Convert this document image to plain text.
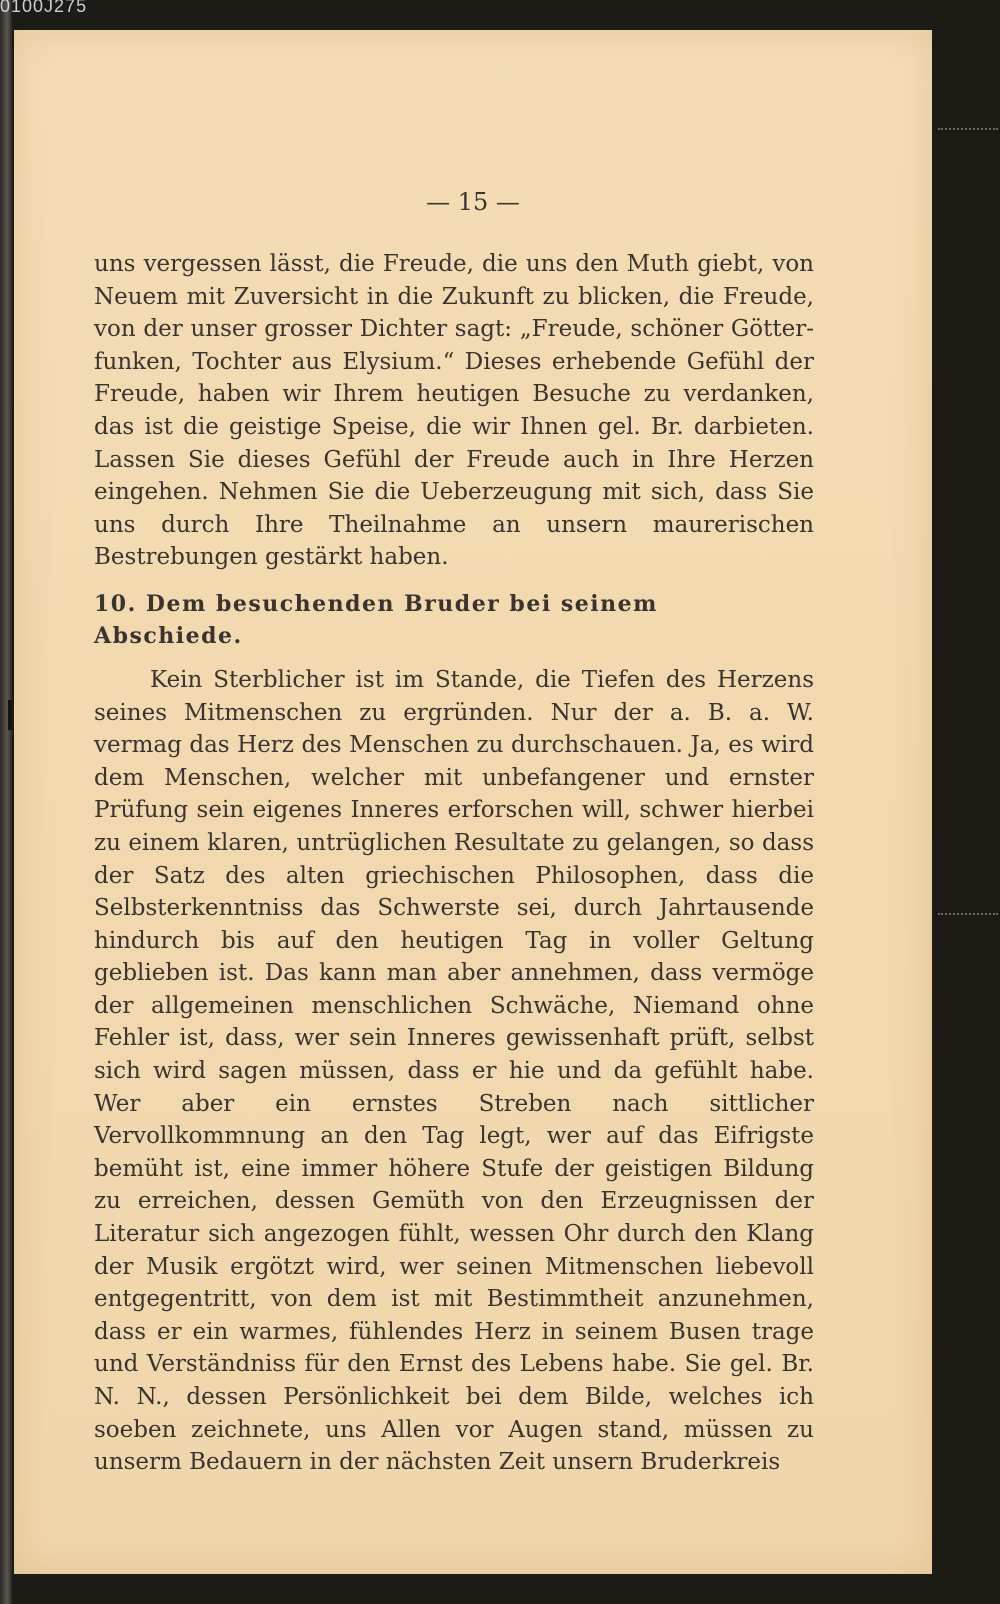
0100J275
— 15 —

uns vergessen lässt, die Freude, die uns den Muth giebt, von Neuem mit Zuversicht in die Zukunft zu blicken, die Freude, von der unser grosser Dichter sagt: „Freude, schöner Götter-funken, Tochter aus Elysium.“ Dieses erhebende Gefühl der Freude, haben wir Ihrem heutigen Besuche zu verdanken, das ist die geistige Speise, die wir Ihnen gel. Br. darbieten. Lassen Sie dieses Gefühl der Freude auch in Ihre Herzen eingehen. Nehmen Sie die Ueberzeugung mit sich, dass Sie uns durch Ihre Theilnahme an unsern maurerischen Bestrebungen gestärkt haben.

10. Dem besuchenden Bruder bei seinem Abschiede.

Kein Sterblicher ist im Stande, die Tiefen des Herzens seines Mitmenschen zu ergründen. Nur der a. B. a. W. vermag das Herz des Menschen zu durchschauen. Ja, es wird dem Menschen, welcher mit unbefangener und ernster Prüfung sein eigenes Inneres erforschen will, schwer hierbei zu einem klaren, untrüglichen Resultate zu gelangen, so dass der Satz des alten griechischen Philosophen, dass die Selbsterkenntniss das Schwerste sei, durch Jahrtausende hindurch bis auf den heutigen Tag in voller Geltung geblieben ist. Das kann man aber annehmen, dass vermöge der allgemeinen menschlichen Schwäche, Niemand ohne Fehler ist, dass, wer sein Inneres gewissenhaft prüft, selbst sich wird sagen müssen, dass er hie und da gefühlt habe. Wer aber ein ernstes Streben nach sittlicher Vervollkommnung an den Tag legt, wer auf das Eifrigste bemüht ist, eine immer höhere Stufe der geistigen Bildung zu erreichen, dessen Gemüth von den Erzeugnissen der Literatur sich angezogen fühlt, wessen Ohr durch den Klang der Musik ergötzt wird, wer seinen Mitmenschen liebevoll entgegentritt, von dem ist mit Bestimmtheit anzunehmen, dass er ein warmes, fühlendes Herz in seinem Busen trage und Verständniss für den Ernst des Lebens habe. Sie gel. Br. N. N., dessen Persönlichkeit bei dem Bilde, welches ich soeben zeichnete, uns Allen vor Augen stand, müssen zu unserm Bedauern in der nächsten Zeit unsern Bruderkreis
